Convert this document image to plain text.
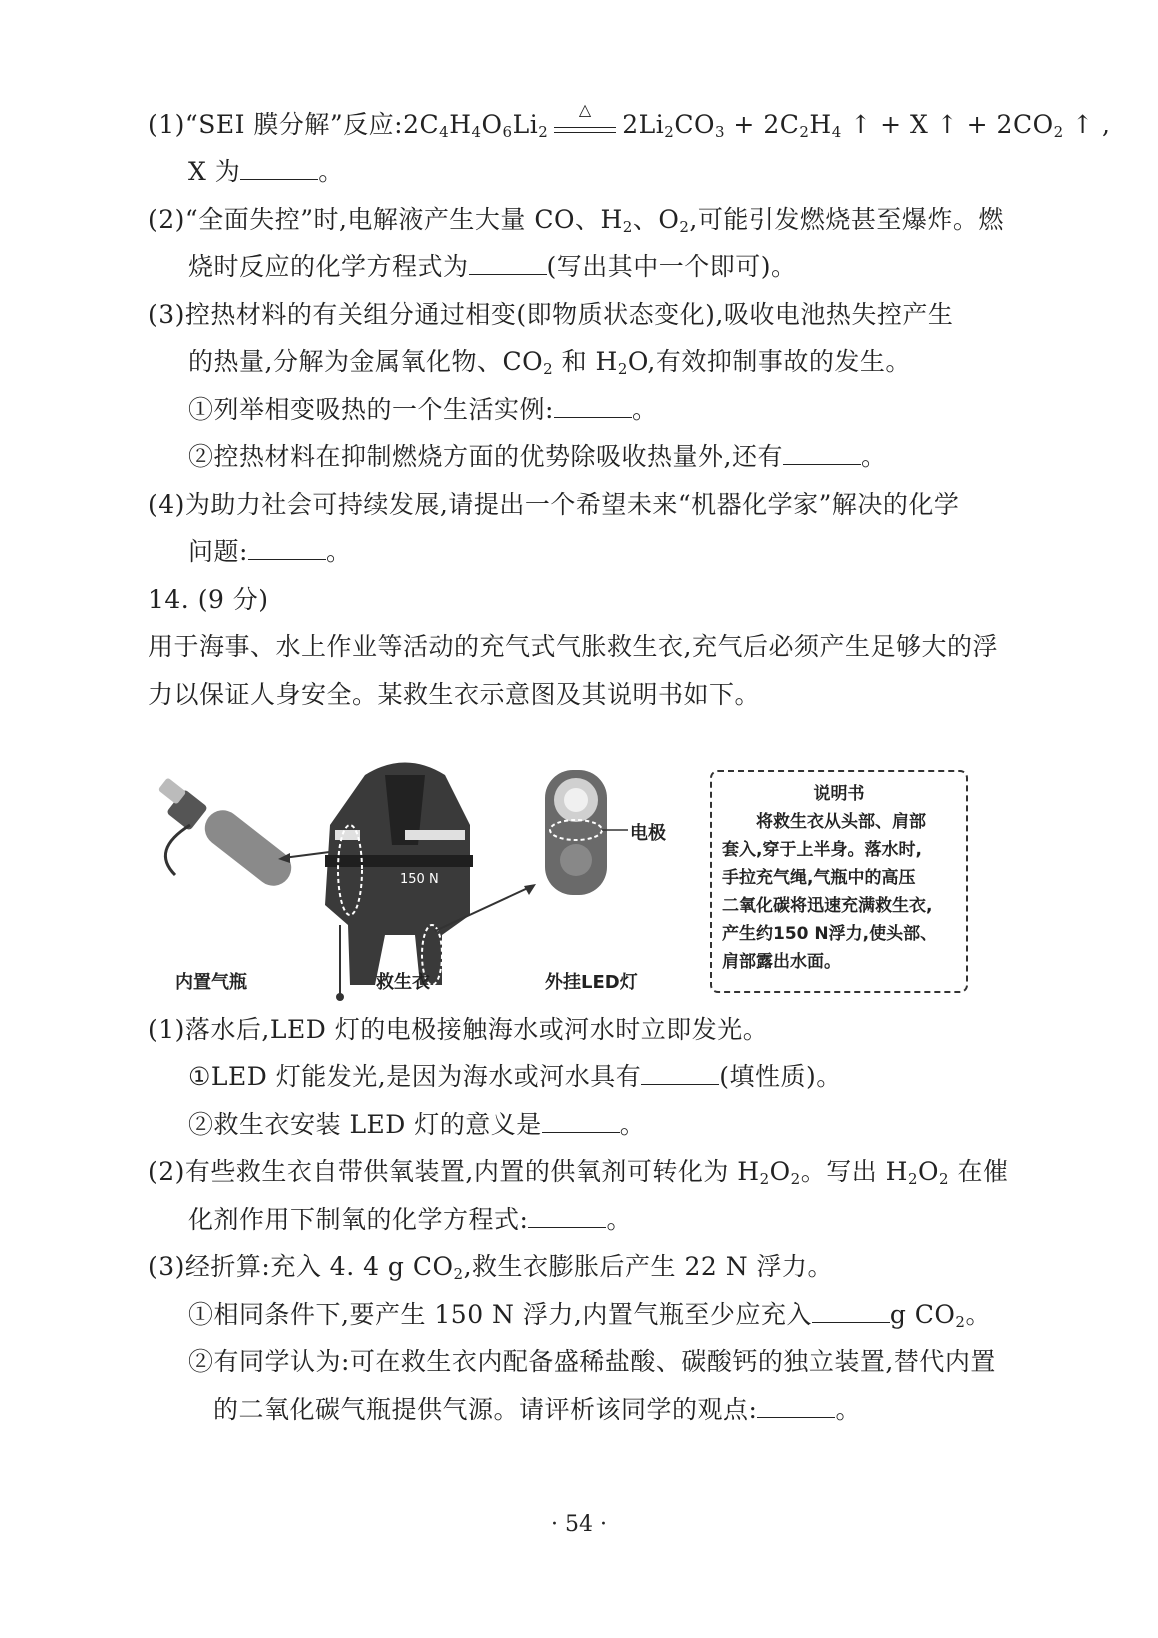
(1)“SEI 膜分解”反应$:2C_4H_4O_6Li_2$
△
$2Li_2CO_3 + 2C_2H_4$ ↑ + X ↑ + $2CO_2$ ↑ ,
X 为	。
(2)“全面失控”时,电解液产生大量 CO、$H_2$、$O_2$,可能引发燃烧甚至爆炸。燃
烧时反应的化学方程式为	(写出其中一个即可)。
(3)控热材料的有关组分通过相变(即物质状态变化),吸收电池热失控产生
的热量,分解为金属氧化物、$CO_2$ 和 $H_2O$,有效抑制事故的发生。
①列举相变吸热的一个生活实例:	。
②控热材料在抑制燃烧方面的优势除吸收热量外,还有	。
(4)为助力社会可持续发展,请提出一个希望未来“机器化学家”解决的化学
问题:	。
14. (9 分)
用于海事、水上作业等活动的充气式气胀救生衣,充气后必须产生足够大的浮
力以保证人身安全。某救生衣示意图及其说明书如下。
150 N
电极
内置气瓶	救生衣	外挂LED灯
说明书
　　将救生衣从头部、肩部
套入,穿于上半身。落水时,
手拉充气绳,气瓶中的高压
二氧化碳将迅速充满救生衣,
产生约150 N浮力,使头部、
肩部露出水面。
(1)落水后,LED 灯的电极接触海水或河水时立即发光。
①LED 灯能发光,是因为海水或河水具有	(填性质)。
②救生衣安装 LED 灯的意义是	。
(2)有些救生衣自带供氧装置,内置的供氧剂可转化为 $H_2O_2$。写出 $H_2O_2$ 在催
化剂作用下制氧的化学方程式:	。
(3)经折算:充入 4. 4 g $CO_2$,救生衣膨胀后产生 22 N 浮力。
①相同条件下,要产生 150 N 浮力,内置气瓶至少应充入	g $CO_2$。
②有同学认为:可在救生衣内配备盛稀盐酸、碳酸钙的独立装置,替代内置
的二氧化碳气瓶提供气源。请评析该同学的观点:	。
· 54 ·
